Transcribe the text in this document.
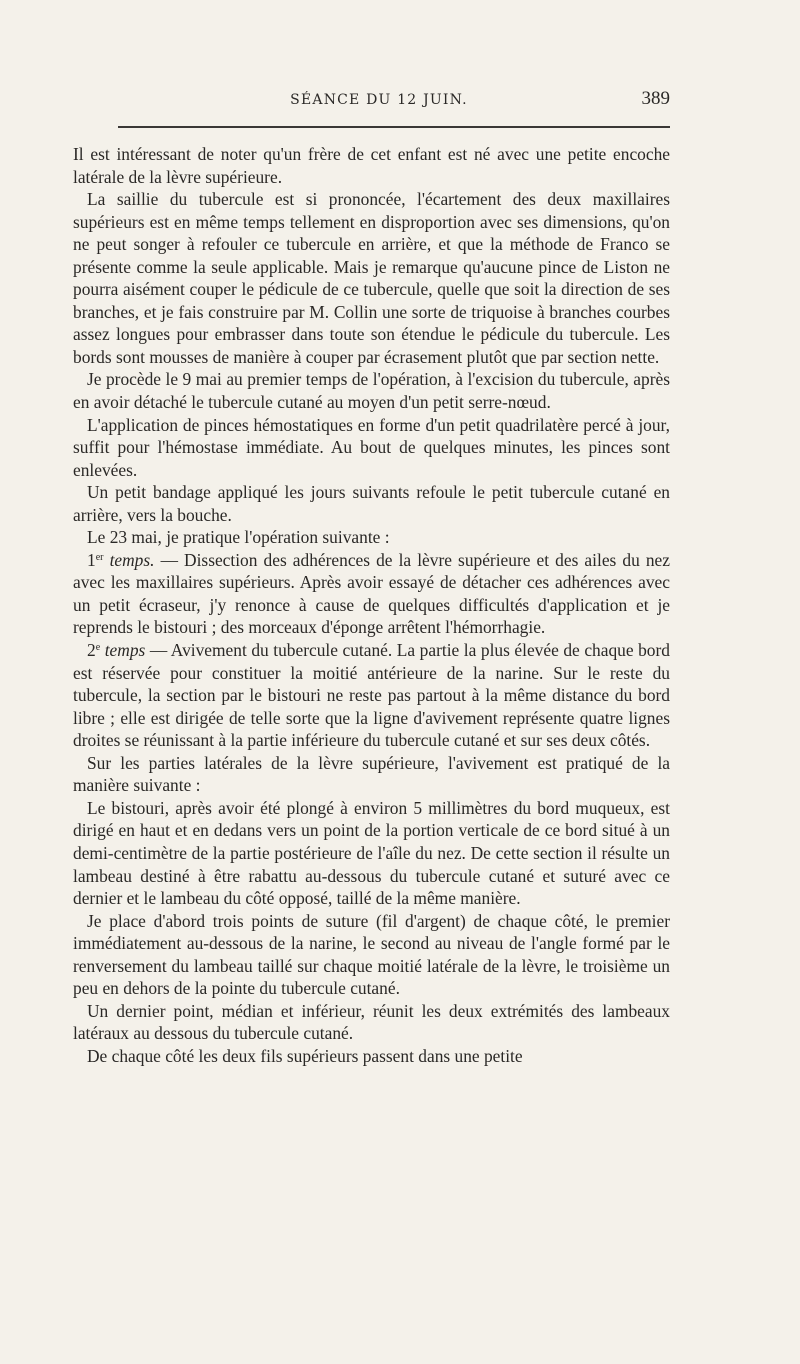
SÉANCE DU 12 JUIN.	389

Il est intéressant de noter qu'un frère de cet enfant est né avec une petite encoche latérale de la lèvre supérieure.

La saillie du tubercule est si prononcée, l'écartement des deux maxillaires supérieurs est en même temps tellement en disproportion avec ses dimensions, qu'on ne peut songer à refouler ce tubercule en arrière, et que la méthode de Franco se présente comme la seule applicable. Mais je remarque qu'aucune pince de Liston ne pourra aisément couper le pédicule de ce tubercule, quelle que soit la direction de ses branches, et je fais construire par M. Collin une sorte de triquoise à branches courbes assez longues pour embrasser dans toute son étendue le pédicule du tubercule. Les bords sont mousses de manière à couper par écrasement plutôt que par section nette.

Je procède le 9 mai au premier temps de l'opération, à l'excision du tubercule, après en avoir détaché le tubercule cutané au moyen d'un petit serre-nœud.

L'application de pinces hémostatiques en forme d'un petit quadrilatère percé à jour, suffit pour l'hémostase immédiate. Au bout de quelques minutes, les pinces sont enlevées.

Un petit bandage appliqué les jours suivants refoule le petit tubercule cutané en arrière, vers la bouche.

Le 23 mai, je pratique l'opération suivante :

1er temps. — Dissection des adhérences de la lèvre supérieure et des ailes du nez avec les maxillaires supérieurs. Après avoir essayé de détacher ces adhérences avec un petit écraseur, j'y renonce à cause de quelques difficultés d'application et je reprends le bistouri ; des morceaux d'éponge arrêtent l'hémorrhagie.

2e temps — Avivement du tubercule cutané. La partie la plus élevée de chaque bord est réservée pour constituer la moitié antérieure de la narine. Sur le reste du tubercule, la section par le bistouri ne reste pas partout à la même distance du bord libre ; elle est dirigée de telle sorte que la ligne d'avivement représente quatre lignes droites se réunissant à la partie inférieure du tubercule cutané et sur ses deux côtés.

Sur les parties latérales de la lèvre supérieure, l'avivement est pratiqué de la manière suivante :

Le bistouri, après avoir été plongé à environ 5 millimètres du bord muqueux, est dirigé en haut et en dedans vers un point de la portion verticale de ce bord situé à un demi-centimètre de la partie postérieure de l'aîle du nez. De cette section il résulte un lambeau destiné à être rabattu au-dessous du tubercule cutané et suturé avec ce dernier et le lambeau du côté opposé, taillé de la même manière.

Je place d'abord trois points de suture (fil d'argent) de chaque côté, le premier immédiatement au-dessous de la narine, le second au niveau de l'angle formé par le renversement du lambeau taillé sur chaque moitié latérale de la lèvre, le troisième un peu en dehors de la pointe du tubercule cutané.

Un dernier point, médian et inférieur, réunit les deux extrémités des lambeaux latéraux au dessous du tubercule cutané.

De chaque côté les deux fils supérieurs passent dans une petite
